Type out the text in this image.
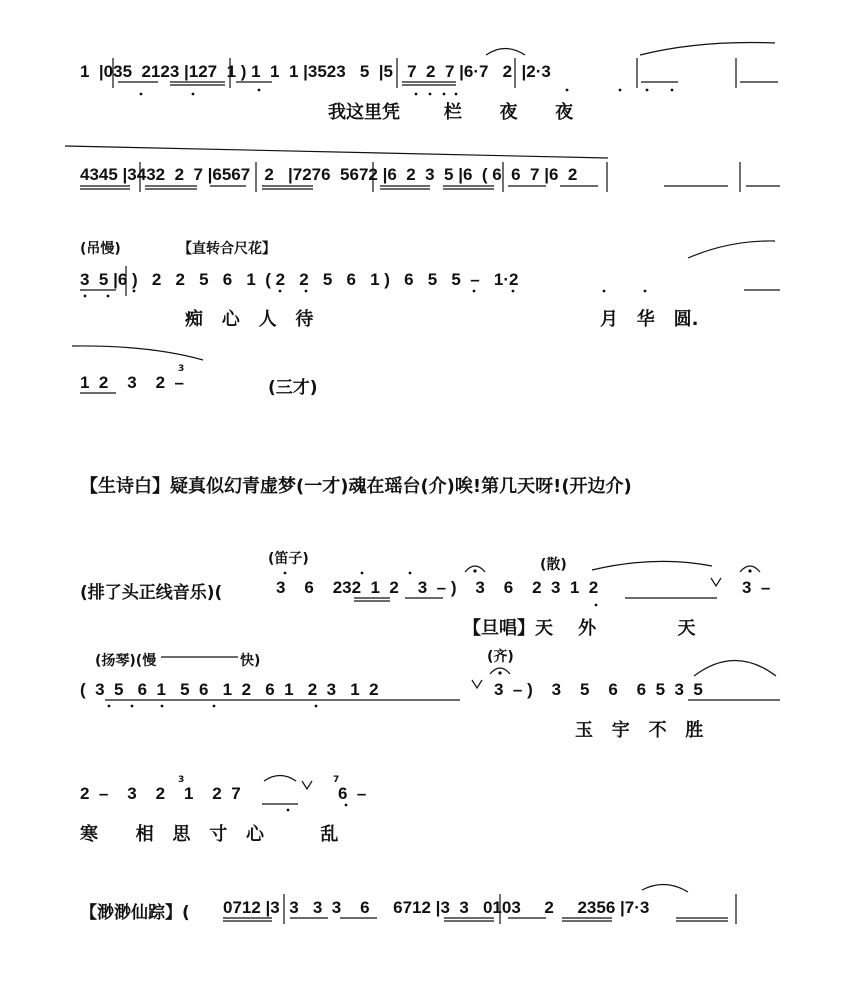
1  |035  2123 |127  1 ) 1  1  1 |3523   5  |5   7  2  7 |6·7   2  |2·3
我这里凭       栏      夜      夜
4345 |3432  2  7 |6567   2   |7276  5672 |6  2  3  5 |6  ( 6  6  7 |6  2
(吊慢)	【直转合尺花】
3  5 |6 )   2   2   5   6   1  ( 2   2   5   6   1 )   6   5   5  –   1·2
痴   心   人   待	月   华   圆.
1  2    3    2  –
3
(三才)
【生诗白】疑真似幻青虚梦(一才)魂在瑶台(介)唉!第几天呀!(开边介)
(笛子)	(散)
(排了头正线音乐)(	3    6    232  1  2    3  – )    3    6    2  3  1  2	3  –
【旦唱】天    外             天
(扬琴)(慢	快)	(齐)
(  3  5   6  1   5  6   1  2   6  1   2  3   1  2	3  – )    3    5    6    6  5  3  5
玉   宇   不   胜
2  –    3    2    1    2  7	6  –
3	7
寒      相   思   寸   心         乱
【渺渺仙踪】( 0712 |3  3   3  3    6     6712 |3  3   0103     2     2356 |7·3
